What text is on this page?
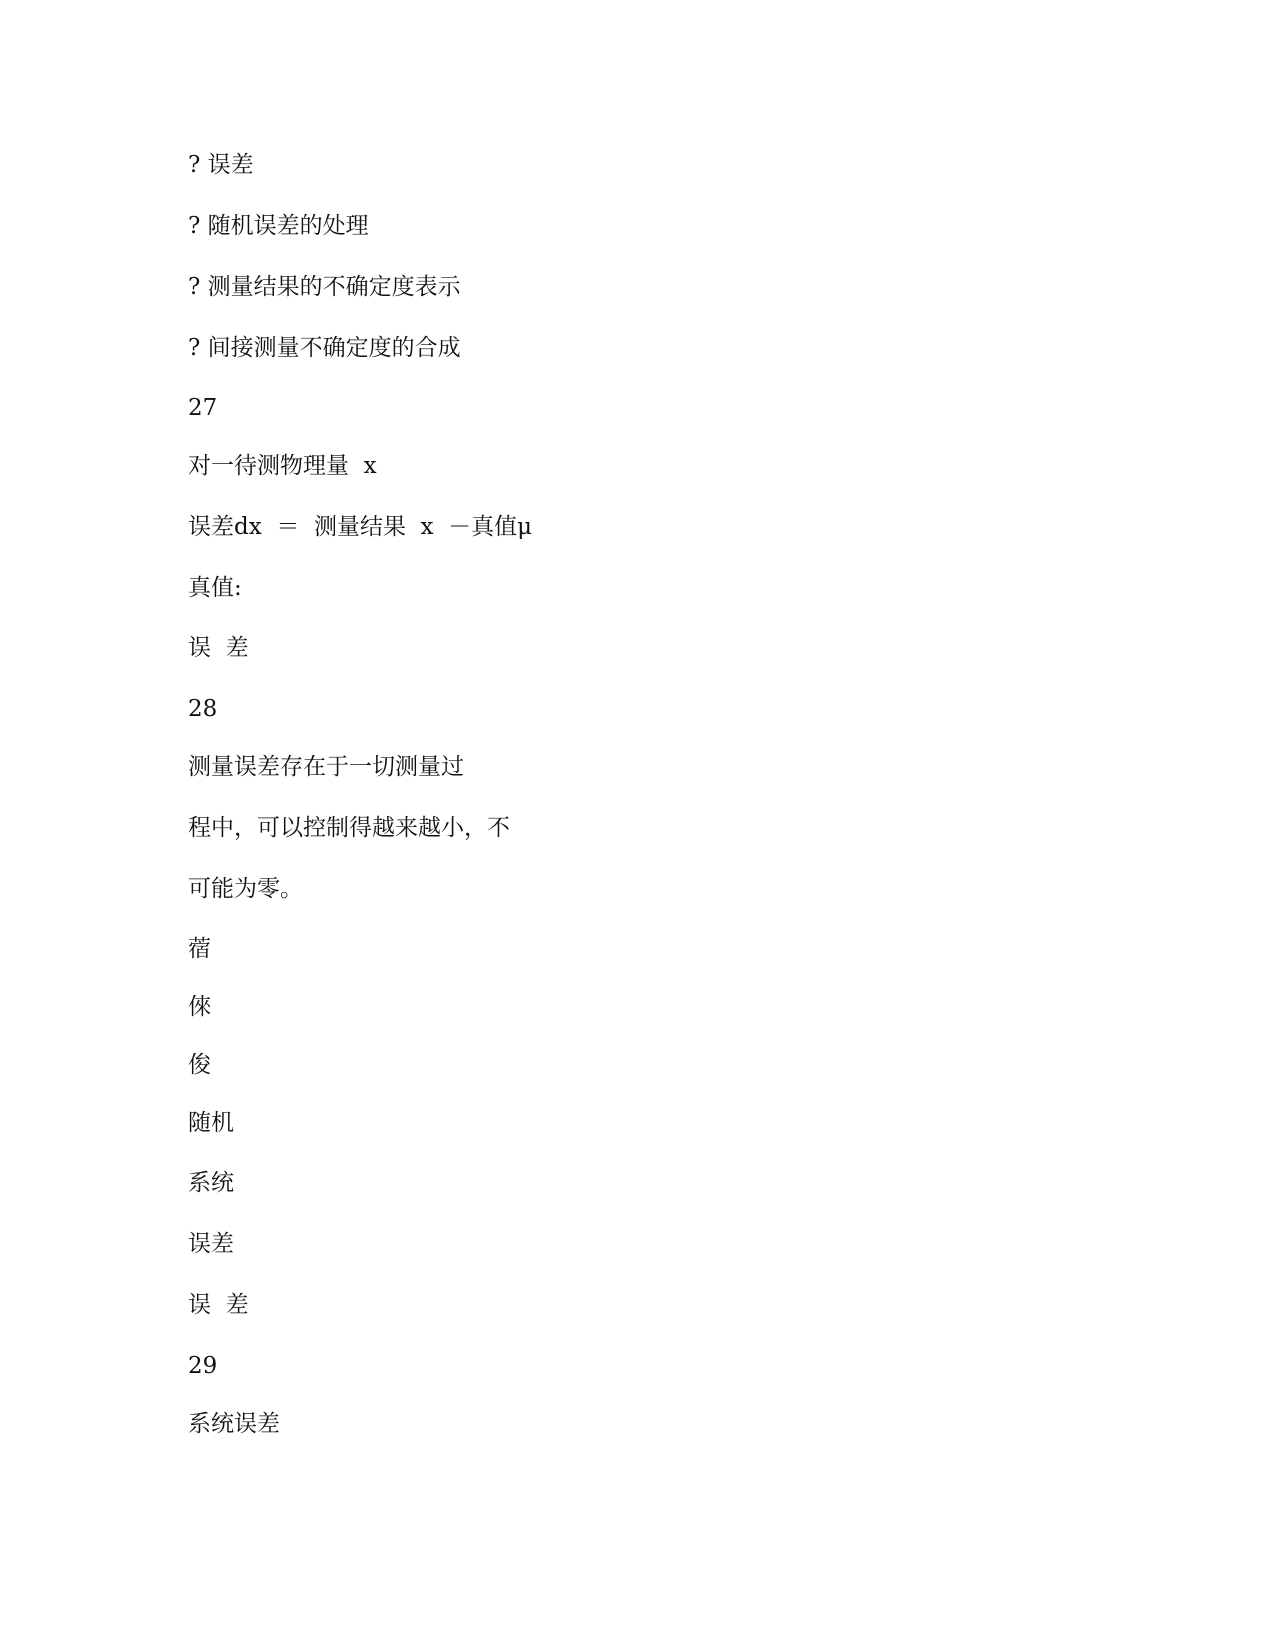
? 误差
? 随机误差的处理
? 测量结果的不确定度表示
? 间接测量不确定度的合成
27
对一待测物理量  x
误差dx  ＝  测量结果  x  －真值μ
真值:
误  差
28
测量误差存在于一切测量过
程中，可以控制得越来越小，不
可能为零。
蓿
倈
俊
随机
系统
误差
误  差
29
系统误差
